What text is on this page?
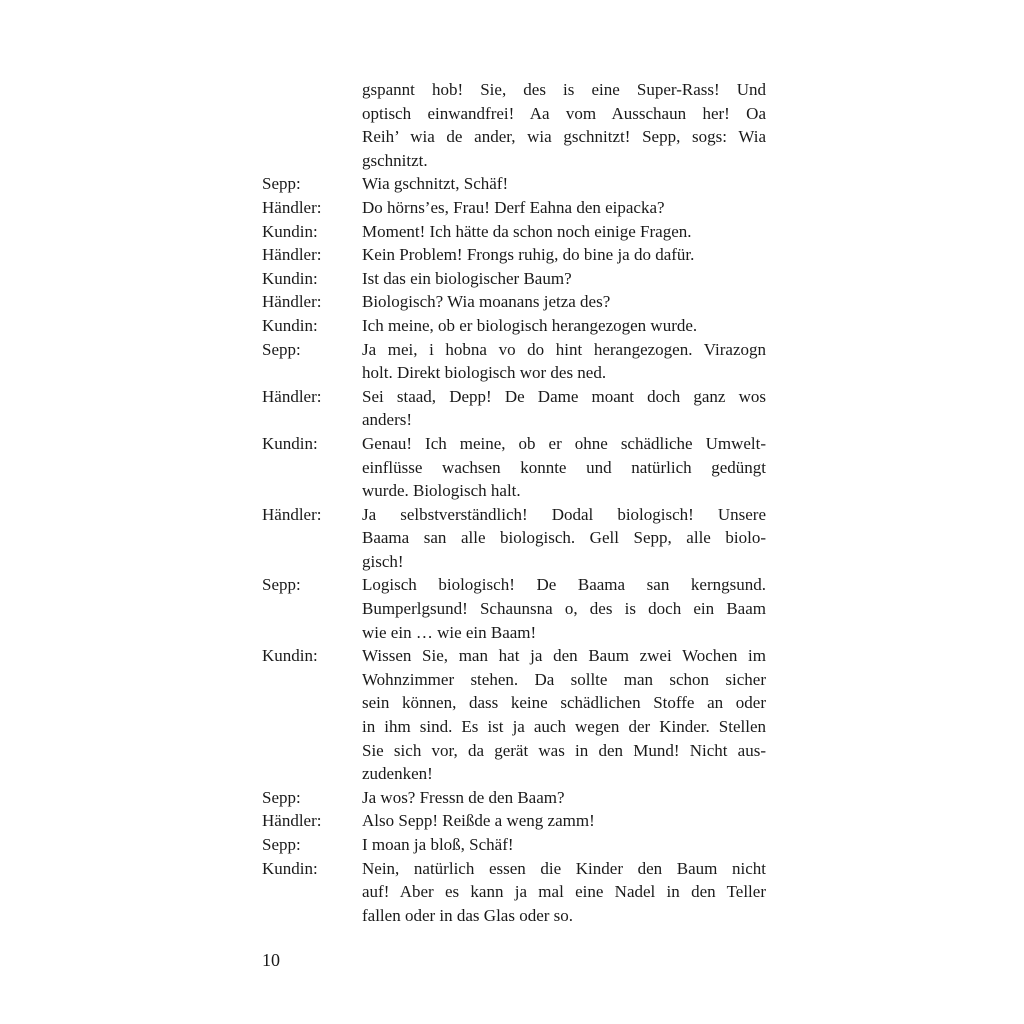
gspannt hob! Sie, des is eine Super-Rass! Und
optisch einwandfrei! Aa vom Ausschaun her! Oa
Reih’ wia de ander, wia gschnitzt! Sepp, sogs: Wia
gschnitzt.
Sepp:	Wia gschnitzt, Schäf!
Händler:	Do hörns’es, Frau! Derf Eahna den eipacka?
Kundin:	Moment! Ich hätte da schon noch einige Fragen.
Händler:	Kein Problem! Frongs ruhig, do bine ja do dafür.
Kundin:	Ist das ein biologischer Baum?
Händler:	Biologisch? Wia moanans jetza des?
Kundin:	Ich meine, ob er biologisch herangezogen wurde.
Sepp:	Ja mei, i hobna vo do hint herangezogen. Virazogn
holt. Direkt biologisch wor des ned.
Händler:	Sei staad, Depp! De Dame moant doch ganz wos
anders!
Kundin:	Genau! Ich meine, ob er ohne schädliche Umwelt-
einflüsse wachsen konnte und natürlich gedüngt
wurde. Biologisch halt.
Händler:	Ja selbstverständlich! Dodal biologisch! Unsere
Baama san alle biologisch. Gell Sepp, alle biolo-
gisch!
Sepp:	Logisch biologisch! De Baama san kerngsund.
Bumperlgsund! Schaunsna o, des is doch ein Baam
wie ein … wie ein Baam!
Kundin:	Wissen Sie, man hat ja den Baum zwei Wochen im
Wohnzimmer stehen. Da sollte man schon sicher
sein können, dass keine schädlichen Stoffe an oder
in ihm sind. Es ist ja auch wegen der Kinder. Stellen
Sie sich vor, da gerät was in den Mund! Nicht aus-
zudenken!
Sepp:	Ja wos? Fressn de den Baam?
Händler:	Also Sepp! Reißde a weng zamm!
Sepp:	I moan ja bloß, Schäf!
Kundin:	Nein, natürlich essen die Kinder den Baum nicht
auf! Aber es kann ja mal eine Nadel in den Teller
fallen oder in das Glas oder so.
10
